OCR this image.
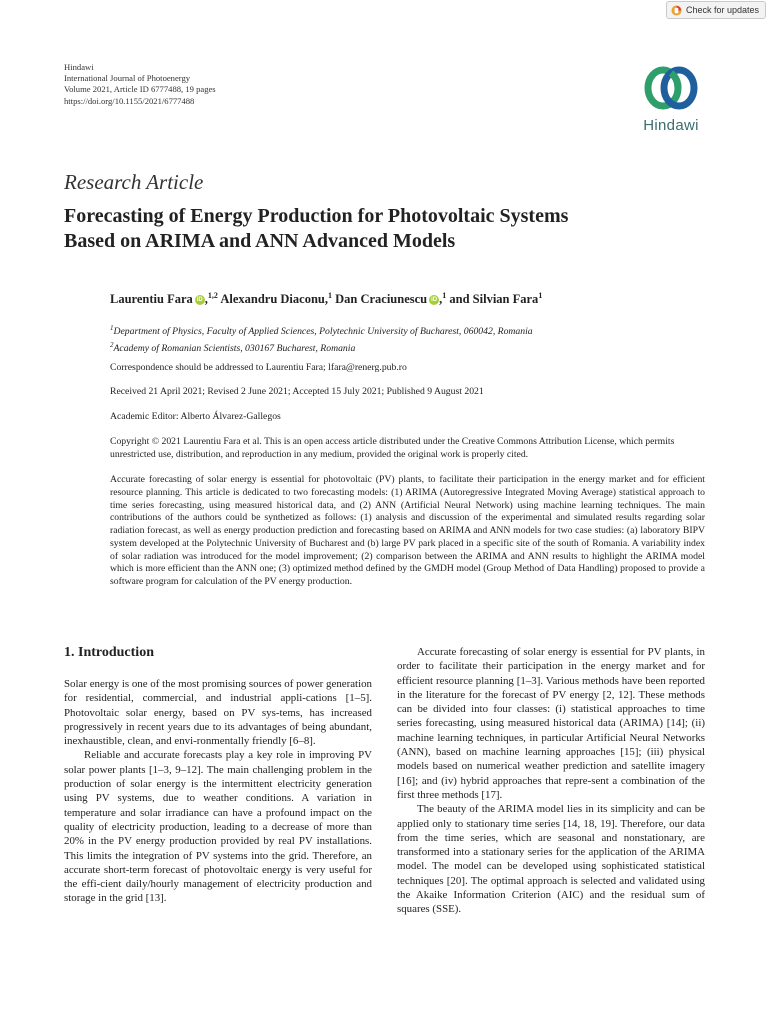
Check for updates
Hindawi
International Journal of Photoenergy
Volume 2021, Article ID 6777488, 19 pages
https://doi.org/10.1155/2021/6777488
Hindawi
Research Article
Forecasting of Energy Production for Photovoltaic Systems
Based on ARIMA and ANN Advanced Models
Laurentiu Fara iD ,$^{1,2}$ Alexandru Diaconu,$^1$ Dan Craciunescu iD ,$^1$ and Silvian Fara$^1$
$^1$Department of Physics, Faculty of Applied Sciences, Polytechnic University of Bucharest, 060042, Romania
$^2$Academy of Romanian Scientists, 030167 Bucharest, Romania
Correspondence should be addressed to Laurentiu Fara; lfara@renerg.pub.ro
Received 21 April 2021; Revised 2 June 2021; Accepted 15 July 2021; Published 9 August 2021
Academic Editor: Alberto Álvarez-Gallegos
Copyright © 2021 Laurentiu Fara et al. This is an open access article distributed under the Creative Commons Attribution License, which permits unrestricted use, distribution, and reproduction in any medium, provided the original work is properly cited.
Accurate forecasting of solar energy is essential for photovoltaic (PV) plants, to facilitate their participation in the energy market and for efficient resource planning. This article is dedicated to two forecasting models: (1) ARIMA (Autoregressive Integrated Moving Average) statistical approach to time series forecasting, using measured historical data, and (2) ANN (Artificial Neural Network) using machine learning techniques. The main contributions of the authors could be synthetized as follows: (1) analysis and discussion of the experimental and simulated results regarding solar radiation forecast, as well as energy production prediction and forecasting based on ARIMA and ANN models for two case studies: (a) laboratory BIPV system developed at the Polytechnic University of Bucharest and (b) large PV park placed in a specific site of the south of Romania. A variability index of solar radiation was introduced for the model improvement; (2) comparison between the ARIMA and ANN results to highlight the ARIMA model which is more efficient than the ANN one; (3) optimized method defined by the GMDH model (Group Method of Data Handling) proposed to provide a software program for calculation of the PV energy production.
1. Introduction

Solar energy is one of the most promising sources of power generation for residential, commercial, and industrial appli-cations [1–5]. Photovoltaic solar energy, based on PV sys-tems, has increased progressively in recent years due to its advantages of being abundant, inexhaustible, clean, and envi-ronmentally friendly [6–8].

Reliable and accurate forecasts play a key role in improving PV solar power plants [1–3, 9–12]. The main challenging problem in the production of solar energy is the intermittent electricity generation using PV systems, due to weather conditions. A variation in temperature and solar irradiance can have a profound impact on the quality of electricity production, leading to a decrease of more than 20% in the PV energy production provided by real PV installations. This limits the integration of PV systems into the grid. Therefore, an accurate short-term forecast of photovoltaic energy is very useful for the effi-cient daily/hourly management of electricity production and storage in the grid [13].

Accurate forecasting of solar energy is essential for PV plants, in order to facilitate their participation in the energy market and for efficient resource planning [1–3]. Various methods have been reported in the literature for the forecast of PV energy [2, 12]. These methods can be divided into four classes: (i) statistical approaches to time series forecasting, using measured historical data (ARIMA) [14]; (ii) machine learning techniques, in particular Artificial Neural Networks (ANN), based on machine learning approaches [15]; (iii) physical models based on numerical weather prediction and satellite imagery [16]; and (iv) hybrid approaches that repre-sent a combination of the first three methods [17].

The beauty of the ARIMA model lies in its simplicity and can be applied only to stationary time series [14, 18, 19]. Therefore, our data from the time series, which are seasonal and nonstationary, are transformed into a stationary series for the application of the ARIMA model. The model can be developed using sophisticated statistical techniques [20]. The optimal approach is selected and validated using the Akaike Information Criterion (AIC) and the residual sum of squares (SSE).
